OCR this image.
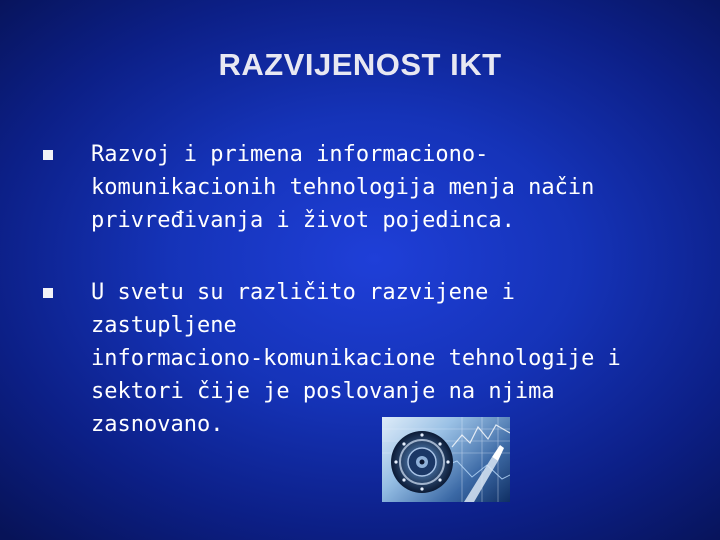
RAZVIJENOST IKT
Razvoj i primena informaciono-
komunikacionih tehnologija menja način
privređivanja i život pojedinca.
U svetu su različito razvijene i zastupljene
informaciono-komunikacione tehnologije i
sektori čije je poslovanje na njima
zasnovano.
